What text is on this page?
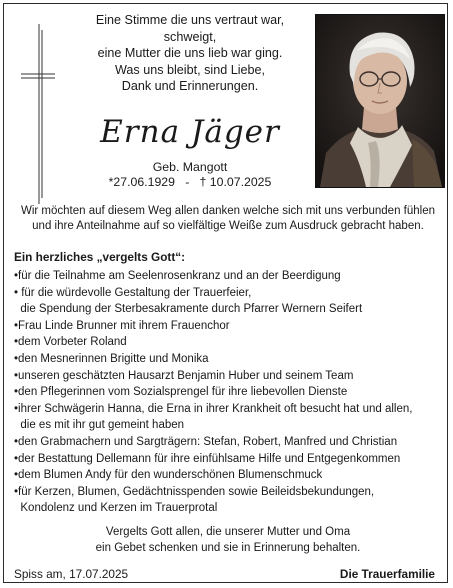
Eine Stimme die uns vertraut war,
schweigt,
eine Mutter die uns lieb war ging.
Was uns bleibt, sind Liebe,
Dank und Erinnerungen.
Erna Jäger
Geb. Mangott
*27.06.1929   -   † 10.07.2025
Wir möchten auf diesem Weg allen danken welche sich mit uns verbunden fühlen
und ihre Anteilnahme auf so vielfältige Weiße zum Ausdruck gebracht haben.
Ein herzliches „vergelts Gott“:
•für die Teilnahme am Seelenrosenkranz und an der Beerdigung
• für die würdevolle Gestaltung der Trauerfeier,
die Spendung der Sterbesakramente durch Pfarrer Wernern Seifert
•Frau Linde Brunner mit ihrem Frauenchor
•dem Vorbeter Roland
•den Mesnerinnen Brigitte und Monika
•unseren geschätzten Hausarzt Benjamin Huber und seinem Team
•den Pflegerinnen vom Sozialsprengel für ihre liebevollen Dienste
•ihrer Schwägerin Hanna, die Erna in ihrer Krankheit oft besucht hat und allen,
die es mit ihr gut gemeint haben
•den Grabmachern und Sargträgern: Stefan, Robert, Manfred und Christian
•der Bestattung Dellemann für ihre einfühlsame Hilfe und Entgegenkommen
•dem Blumen Andy für den wunderschönen Blumenschmuck
•für Kerzen, Blumen, Gedächtnisspenden sowie Beileidsbekundungen,
Kondolenz und Kerzen im Trauerprotal
Vergelts Gott allen, die unserer Mutter und Oma
ein Gebet schenken und sie in Erinnerung behalten.
Spiss am, 17.07.2025	Die Trauerfamilie
